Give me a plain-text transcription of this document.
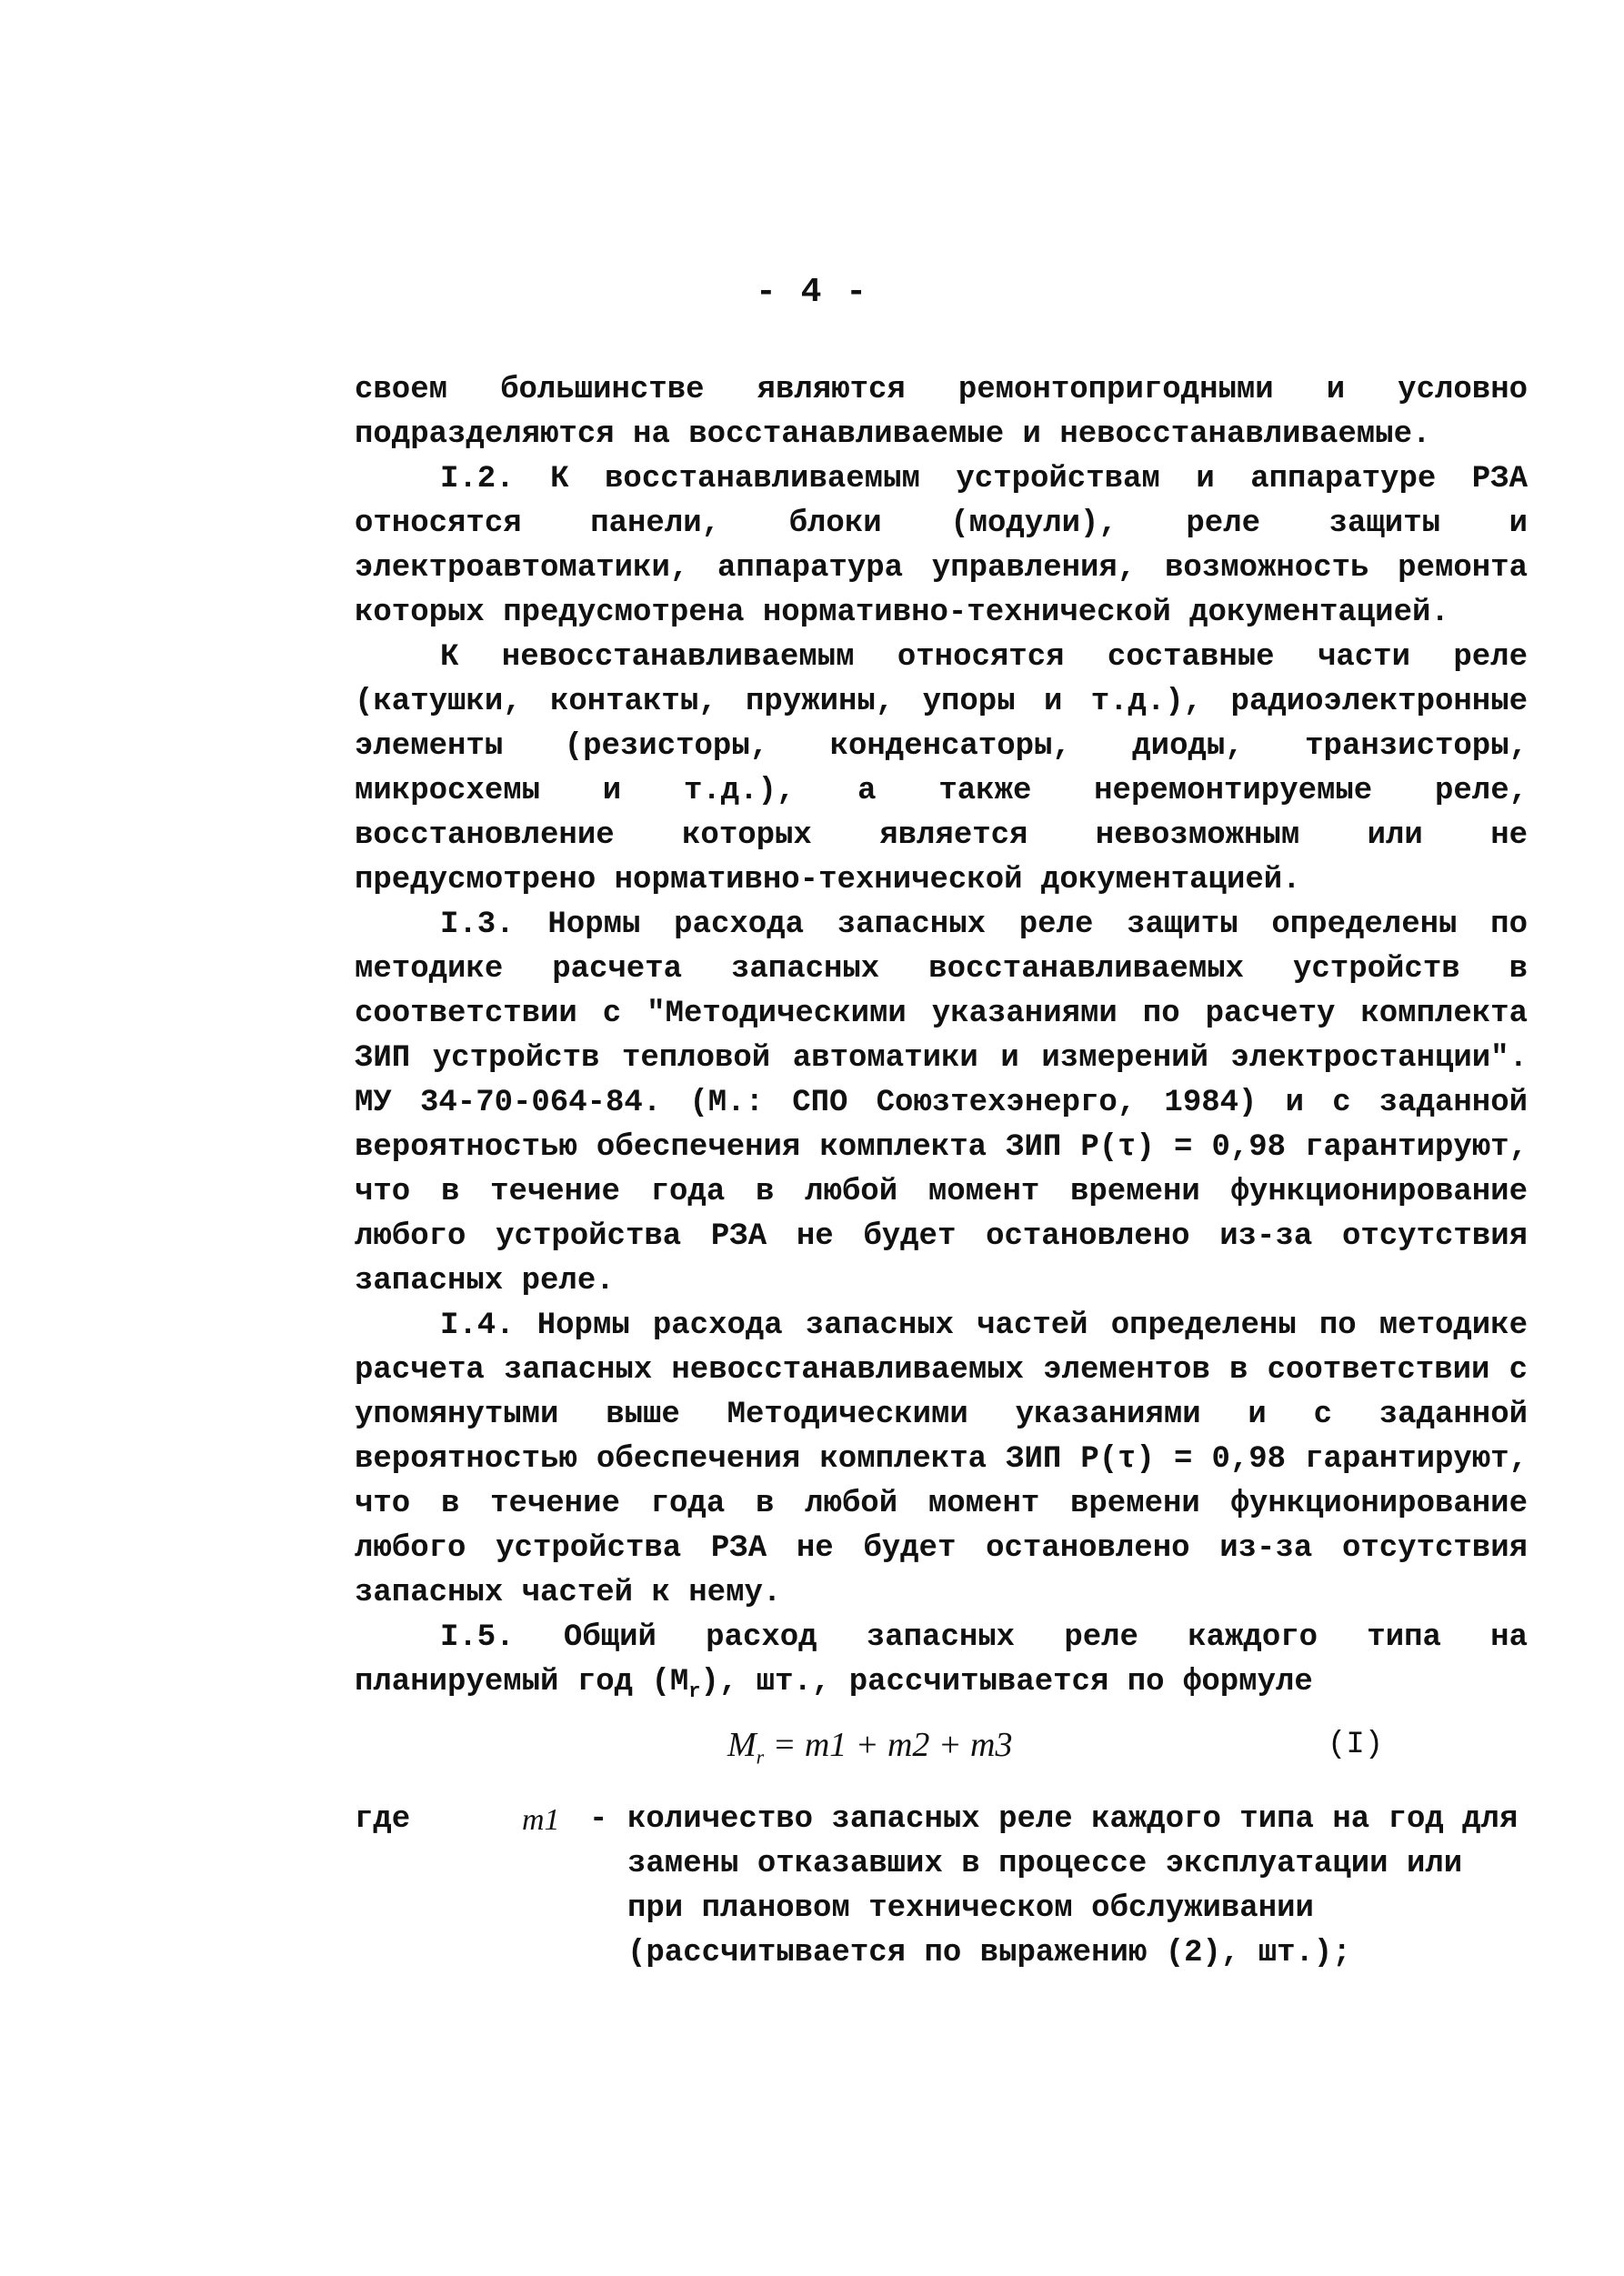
- 4 -

своем большинстве являются ремонтопригодными и условно подразделяются на восстанавливаемые и невосстанавливаемые.

I.2. К восстанавливаемым устройствам и аппаратуре РЗА относятся панели, блоки (модули), реле защиты и электроавтоматики, аппаратура управления, возможность ремонта которых предусмотрена нормативно-технической документацией.

К невосстанавливаемым относятся составные части реле (катушки, контакты, пружины, упоры и т.д.), радиоэлектронные элементы (резисторы, конденсаторы, диоды, транзисторы, микросхемы и т.д.), а также неремонтируемые реле, восстановление которых является невозможным или не предусмотрено нормативно-технической документацией.

I.3. Нормы расхода запасных реле защиты определены по методике расчета запасных восстанавливаемых устройств в соответствии с "Методическими указаниями по расчету комплекта ЗИП устройств тепловой автоматики и измерений электростанции". МУ 34-70-064-84. (М.: СПО Союзтехэнерго, 1984) и с заданной вероятностью обеспечения комплекта ЗИП Р(τ) = 0,98 гарантируют, что в течение года в любой момент времени функционирование любого устройства РЗА не будет остановлено из-за отсутствия запасных реле.

I.4. Нормы расхода запасных частей определены по методике расчета запасных невосстанавливаемых элементов в соответствии с упомянутыми выше Методическими указаниями и с заданной вероятностью обеспечения комплекта ЗИП Р(τ) = 0,98 гарантируют, что в течение года в любой момент времени функционирование любого устройства РЗА не будет остановлено из-за отсутствия запасных частей к нему.

I.5. Общий расход запасных реле каждого типа на планируемый год $(M_r)$, шт., рассчитывается по формуле

$M_r = m1 + m2 + m3$	(I)
где	m1 - количество запасных реле каждого типа на год для замены отказавших в процессе эксплуатации или при плановом техническом обслуживании (рассчитывается по выражению (2), шт.);
